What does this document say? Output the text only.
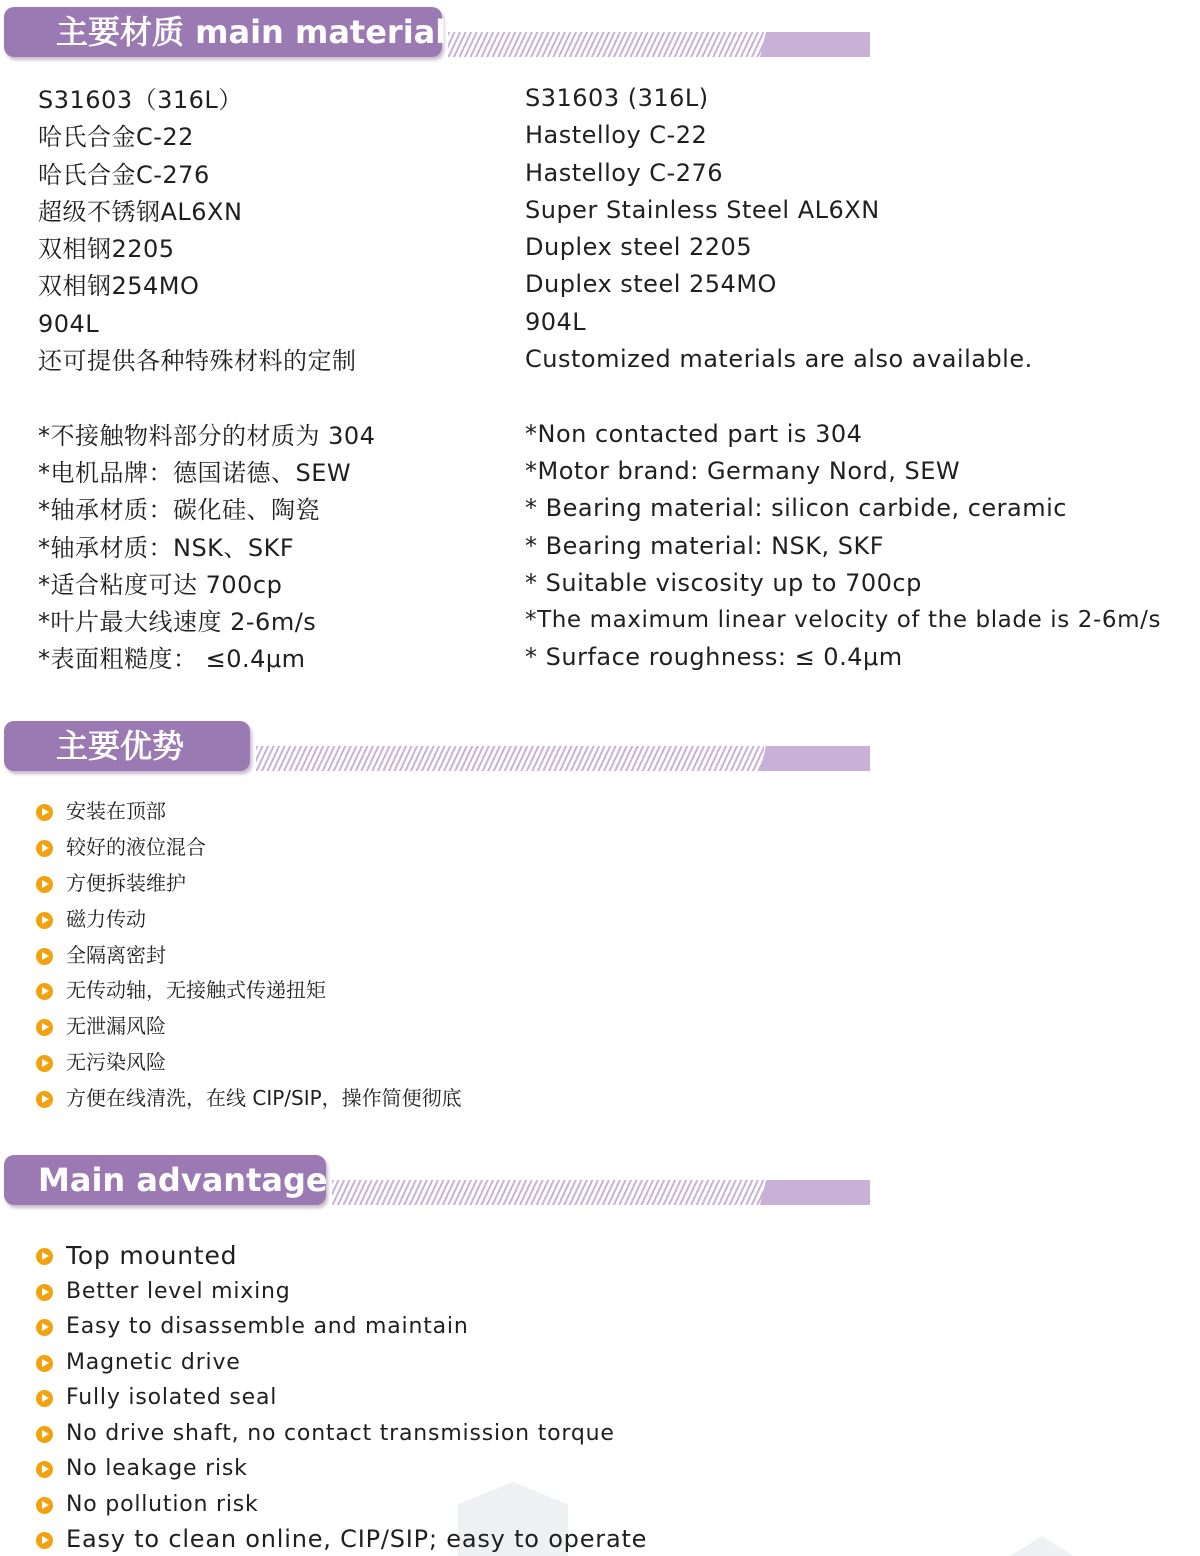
主要材质 main material
S31603（316L）
哈氏合金C-22
哈氏合金C-276
超级不锈钢AL6XN
双相钢2205
双相钢254MO
904L
还可提供各种特殊材料的定制
*不接触物料部分的材质为 304
*电机品牌：德国诺德、SEW
*轴承材质：碳化硅、陶瓷
*轴承材质：NSK、SKF
*适合粘度可达 700cp
*叶片最大线速度 2-6m/s
*表面粗糙度： ≤0.4μm
S31603 (316L)
Hastelloy C-22
Hastelloy C-276
Super Stainless Steel AL6XN
Duplex steel 2205
Duplex steel 254MO
904L
Customized materials are also available.
*Non contacted part is 304
*Motor brand: Germany Nord, SEW
* Bearing material: silicon carbide, ceramic
* Bearing material: NSK, SKF
* Suitable viscosity up to 700cp
*The maximum linear velocity of the blade is 2-6m/s
* Surface roughness: ≤ 0.4μm
主要优势
安装在顶部
较好的液位混合
方便拆装维护
磁力传动
全隔离密封
无传动轴，无接触式传递扭矩
无泄漏风险
无污染风险
方便在线清洗，在线 CIP/SIP，操作简便彻底
Main advantage
Top mounted
Better level mixing
Easy to disassemble and maintain
Magnetic drive
Fully isolated seal
No drive shaft, no contact transmission torque
No leakage risk
No pollution risk
Easy to clean online, CIP/SIP; easy to operate
